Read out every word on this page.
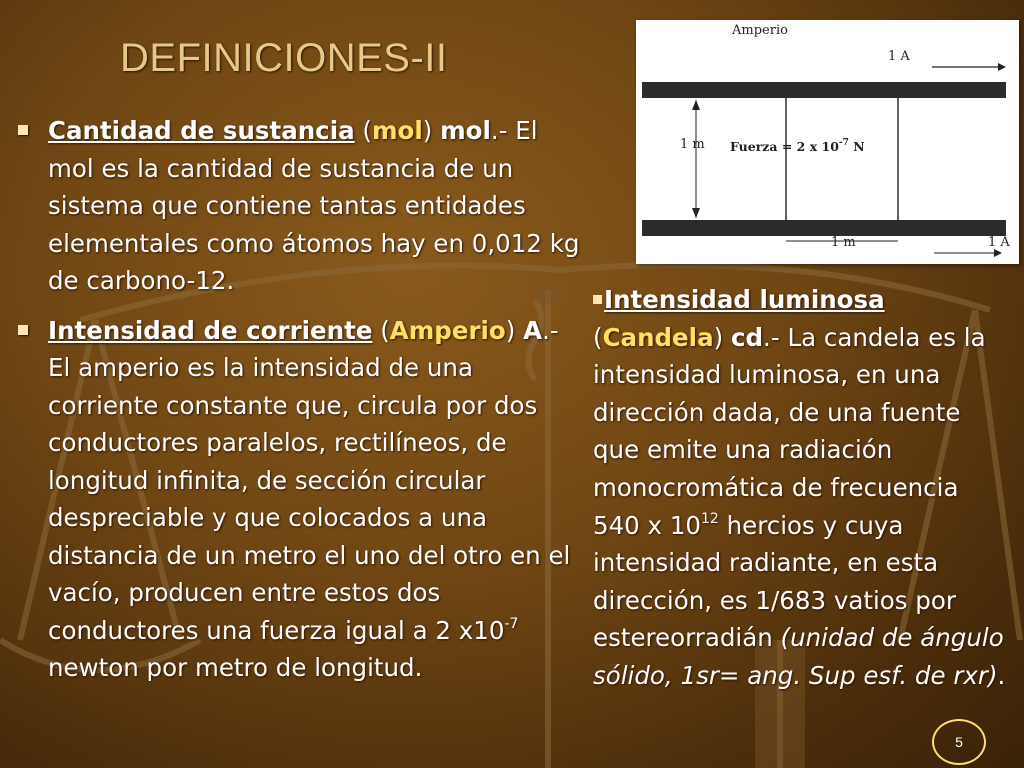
DEFINICIONES-II
Cantidad de sustancia (mol) mol.- El mol es la cantidad de sustancia de un sistema que contiene tantas entidades elementales como átomos hay en 0,012 kg de carbono-12.
Intensidad de corriente (Amperio) A.- El amperio es la intensidad de una corriente constante que, circula por dos conductores paralelos, rectilíneos, de longitud infinita, de sección circular despreciable y que colocados a una distancia de un metro el uno del otro en el vacío, producen entre estos dos conductores una fuerza igual a 2 $x10^{-7}$ newton por metro de longitud.
Intensidad luminosa (Candela) cd.- La candela es la intensidad luminosa, en una dirección dada, de una fuente que emite una radiación monocromática de frecuencia 540 x $10^{12}$ hercios y cuya intensidad radiante, en esta dirección, es 1/683 vatios por estereorradián (unidad de ángulo sólido, 1sr= ang. Sup esf. de rxr).
Amperio
1 A
1 m Fuerza = 2 x $10^{-7}$ N
1 m	1 A
5
